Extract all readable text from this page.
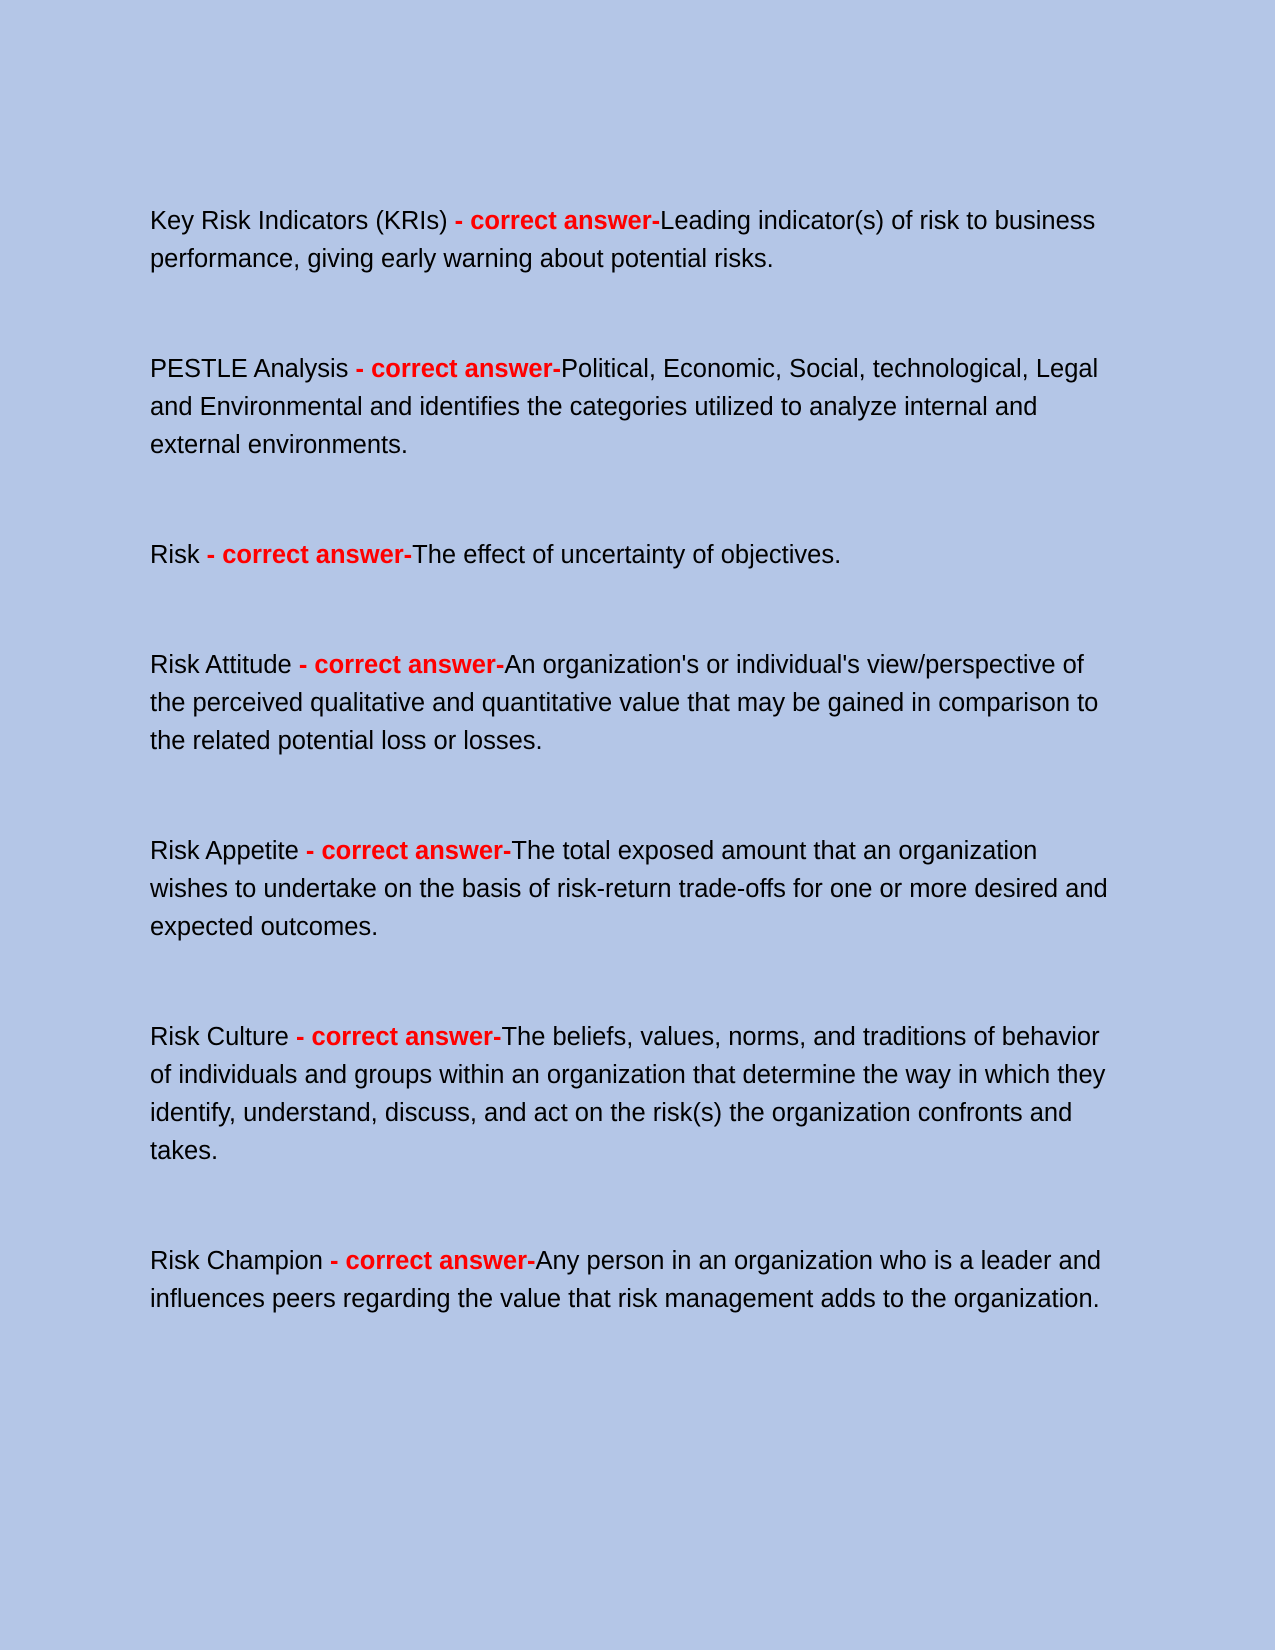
Key Risk Indicators (KRIs) - correct answer-Leading indicator(s) of risk to business performance, giving early warning about potential risks.

PESTLE Analysis - correct answer-Political, Economic, Social, technological, Legal and Environmental and identifies the categories utilized to analyze internal and external environments.

Risk - correct answer-The effect of uncertainty of objectives.

Risk Attitude - correct answer-An organization's or individual's view/perspective of the perceived qualitative and quantitative value that may be gained in comparison to the related potential loss or losses.

Risk Appetite - correct answer-The total exposed amount that an organization wishes to undertake on the basis of risk-return trade-offs for one or more desired and expected outcomes.

Risk Culture - correct answer-The beliefs, values, norms, and traditions of behavior of individuals and groups within an organization that determine the way in which they identify, understand, discuss, and act on the risk(s) the organization confronts and takes.

Risk Champion - correct answer-Any person in an organization who is a leader and influences peers regarding the value that risk management adds to the organization.
